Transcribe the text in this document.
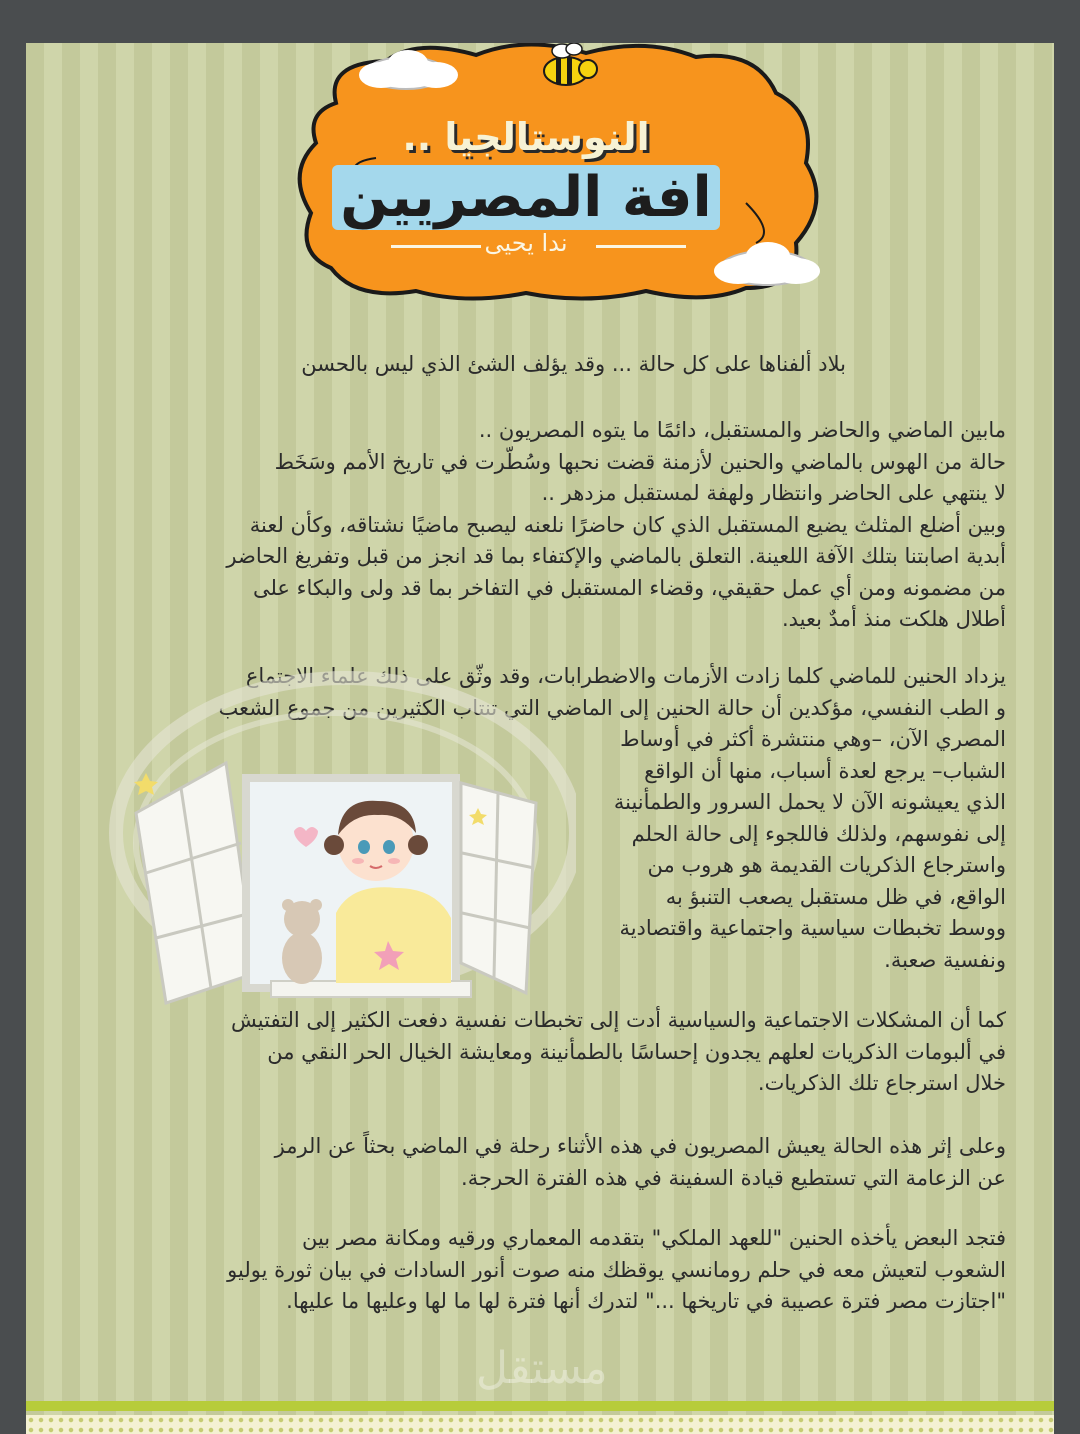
النوستالجيا ..
افة المصريين
ندا يحيى

بلاد ألفناها على كل حالة ... وقد يؤلف الشئ الذي ليس بالحسن

مابين الماضي والحاضر والمستقبل، دائمًا ما يتوه المصريون ..
حالة من الهوس بالماضي والحنين لأزمنة قضت نحبها وسُطّرت في تاريخ الأمم وسَخَط
لا ينتهي على الحاضر وانتظار ولهفة لمستقبل مزدهر ..
وبين أضلع المثلث يضيع المستقبل الذي كان حاضرًا نلعنه ليصبح ماضيًا نشتاقه، وكأن لعنة
أبدية اصابتنا بتلك الآفة اللعينة. التعلق بالماضي والإكتفاء بما قد انجز من قبل وتفريغ الحاضر
من مضمونه ومن أي عمل حقيقي، وقضاء المستقبل في التفاخر بما قد ولى والبكاء على
أطلال هلكت منذ أمدٌ بعيد.

يزداد الحنين للماضي كلما زادت الأزمات والاضطرابات، وقد وثّق على ذلك علماء الاجتماع
و الطب النفسي، مؤكدين أن حالة الحنين إلى الماضي التي تنتاب الكثيرين من جموع الشعب

المصري الآن، –وهي منتشرة أكثر في أوساط
الشباب– يرجع لعدة أسباب، منها أن الواقع
الذي يعيشونه الآن لا يحمل السرور والطمأنينة
إلى نفوسهم، ولذلك فاللجوء إلى حالة الحلم
واسترجاع الذكريات القديمة هو هروب من
الواقع، في ظل مستقبل يصعب التنبؤ به
ووسط تخبطات سياسية واجتماعية واقتصادية
ونفسية صعبة.

كما أن المشكلات الاجتماعية والسياسية أدت إلى تخبطات نفسية دفعت الكثير إلى التفتيش
في ألبومات الذكريات لعلهم يجدون إحساسًا بالطمأنينة ومعايشة الخيال الحر النقي من
خلال استرجاع تلك الذكريات.

وعلى إثر هذه الحالة يعيش المصريون في هذه الأثناء رحلة في الماضي بحثاً عن الرمز
عن الزعامة التي تستطيع قيادة السفينة في هذه الفترة الحرجة.

فتجد البعض يأخذه الحنين "للعهد الملكي" بتقدمه المعماري ورقيه ومكانة مصر بين
الشعوب لتعيش معه في حلم رومانسي يوقظك منه صوت أنور السادات في بيان ثورة يوليو
"اجتازت مصر فترة عصيبة في تاريخها ..." لتدرك أنها فترة لها ما لها وعليها ما عليها.

مستقل
